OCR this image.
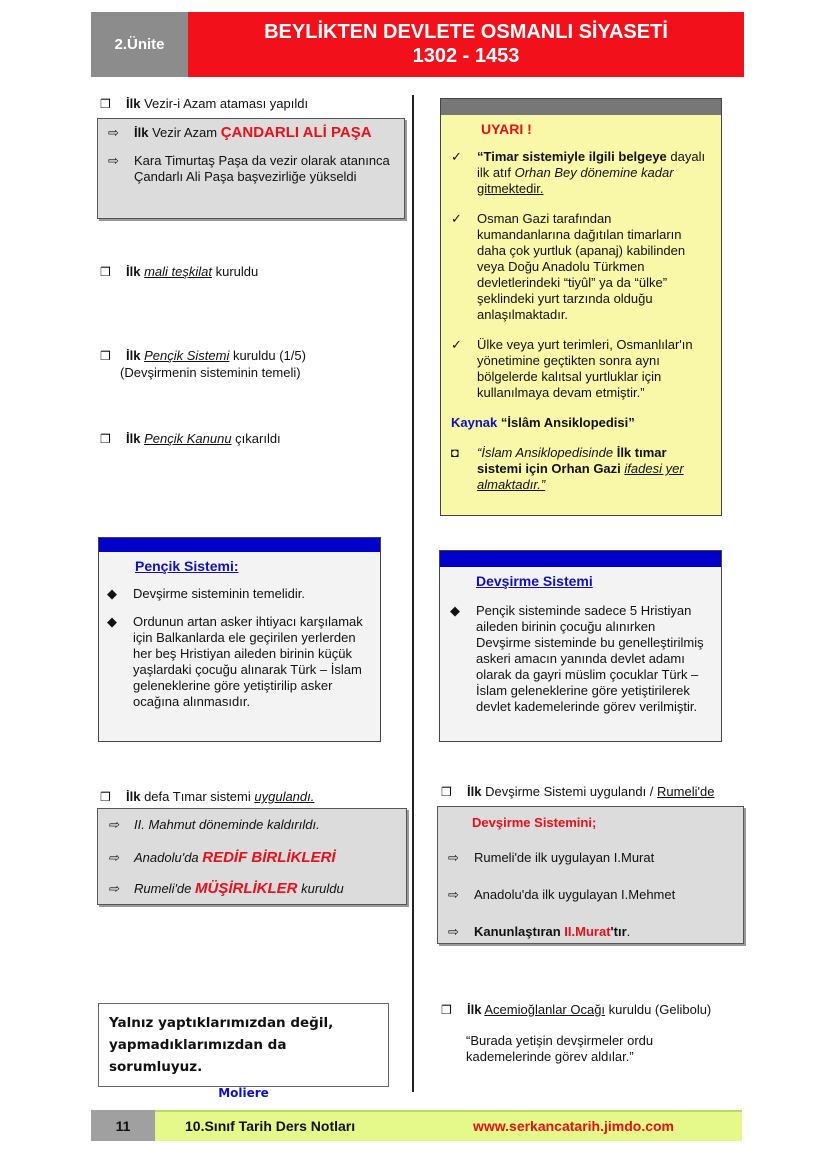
2.Ünite
BEYLİKTEN DEVLETE OSMANLI SİYASETİ
1302 - 1453
❒ İlk Vezir-i Azam ataması yapıldı
⇨ İlk Vezir Azam ÇANDARLI ALİ PAŞA
⇨ Kara Timurtaş Paşa da vezir olarak atanınca Çandarlı Ali Paşa başvezirliğe yükseldi
❒ İlk mali teşkilat kuruldu
❒ İlk Pençik Sistemi kuruldu (1/5)
(Devşirmenin sisteminin temeli)
❒ İlk Pençik Kanunu çıkarıldı
Pençik Sistemi:
◆ Devşirme sisteminin temelidir.
◆ Ordunun artan asker ihtiyacı karşılamak için Balkanlarda ele geçirilen yerlerden her beş Hristiyan aileden birinin küçük yaşlardaki çocuğu alınarak Türk – İslam geleneklerine göre yetiştirilip asker ocağına alınmasıdır.
❒ İlk defa Tımar sistemi uygulandı.
⇨ II. Mahmut döneminde kaldırıldı.
⇨ Anadolu'da REDİF BİRLİKLERİ
⇨ Rumeli'de MÜŞİRLİKLER kuruldu
Yalnız yaptıklarımızdan değil,
yapmadıklarımızdan da sorumluyuz.
Moliere
UYARI !
✓ “Timar sistemiyle ilgili belgeye dayalı ilk atıf Orhan Bey dönemine kadar gitmektedir.
✓ Osman Gazi tarafından kumandanlarına dağıtılan timarların daha çok yurtluk (apanaj) kabilinden veya Doğu Anadolu Türkmen devletlerindeki “tiyûl” ya da “ülke” şeklindeki yurt tarzında olduğu anlaşılmaktadır.
✓ Ülke veya yurt terimleri, Osmanlılar'ın yönetimine geçtikten sonra aynı bölgelerde kalıtsal yurtluklar için kullanılmaya devam etmiştir.”
Kaynak “İslâm Ansiklopedisi”
◘	“İslam Ansiklopedisinde İlk tımar sistemi için Orhan Gazi ifadesi yer almaktadır.”
Devşirme Sistemi
◆ Pençik sisteminde sadece 5 Hristiyan aileden birinin çocuğu alınırken Devşirme sisteminde bu genelleştirilmiş askeri amacın yanında devlet adamı olarak da gayri müslim çocuklar Türk – İslam geleneklerine göre yetiştirilerek devlet kademelerinde görev verilmiştir.
❒ İlk Devşirme Sistemi uygulandı / Rumeli'de
Devşirme Sistemini;
⇨ Rumeli'de ilk uygulayan I.Murat
⇨ Anadolu'da ilk uygulayan I.Mehmet
⇨ Kanunlaştıran II.Murat'tır.
❒ İlk Acemioğlanlar Ocağı kuruldu (Gelibolu)
“Burada yetişin devşirmeler ordu kademelerinde görev aldılar.”
11	10.Sınıf Tarih Ders Notları	www.serkancatarih.jimdo.com
